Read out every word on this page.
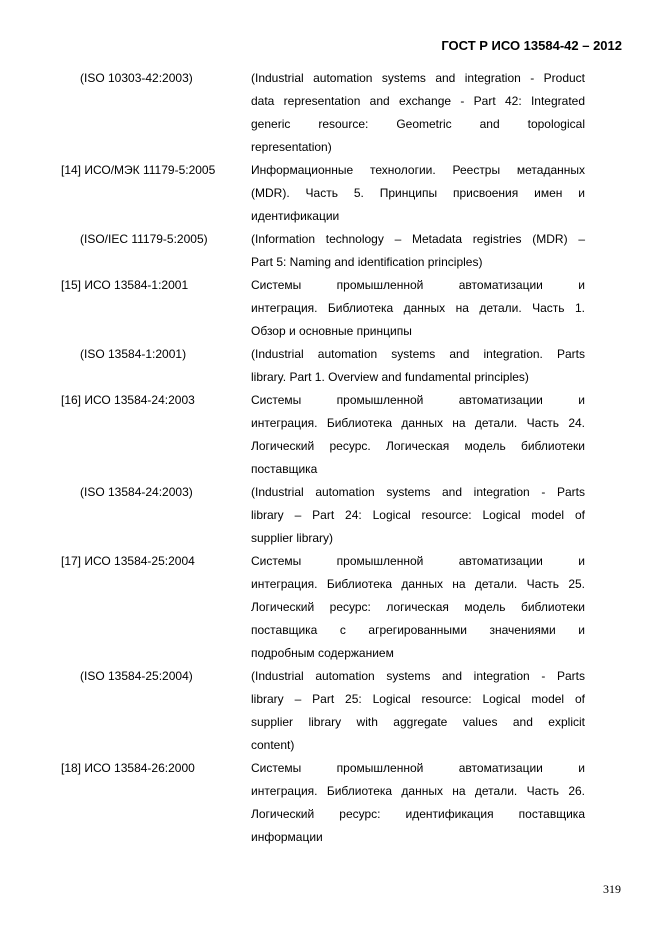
ГОСТ Р ИСО 13584-42 – 2012
(ISO 10303-42:2003)	(Industrial automation systems and integration - Product
data representation and exchange - Part 42: Integrated
generic resource: Geometric and topological
representation)
[14] ИСО/МЭК 11179-5:2005	Информационные технологии. Реестры метаданных
(MDR). Часть 5. Принципы присвоения имен и
идентификации
(ISO/IEC 11179-5:2005)	(Information technology – Metadata registries (MDR) –
Part 5: Naming and identification principles)
[15] ИСО 13584-1:2001	Системы промышленной автоматизации и
интеграция. Библиотека данных на детали. Часть 1.
Обзор и основные принципы
(ISO 13584-1:2001)	(Industrial automation systems and integration. Parts
library. Part 1. Overview and fundamental principles)
[16] ИСО 13584-24:2003	Системы промышленной автоматизации и
интеграция. Библиотека данных на детали. Часть 24.
Логический ресурс. Логическая модель библиотеки
поставщика
(ISO 13584-24:2003)	(Industrial automation systems and integration - Parts
library – Part 24: Logical resource: Logical model of
supplier library)
[17] ИСО 13584-25:2004	Системы промышленной автоматизации и
интеграция. Библиотека данных на детали. Часть 25.
Логический ресурс: логическая модель библиотеки
поставщика с агрегированными значениями и
подробным содержанием
(ISO 13584-25:2004)	(Industrial automation systems and integration - Parts
library – Part 25: Logical resource: Logical model of
supplier library with aggregate values and explicit
content)
[18] ИСО 13584-26:2000	Системы промышленной автоматизации и
интеграция. Библиотека данных на детали. Часть 26.
Логический ресурс: идентификация поставщика
информации
319
